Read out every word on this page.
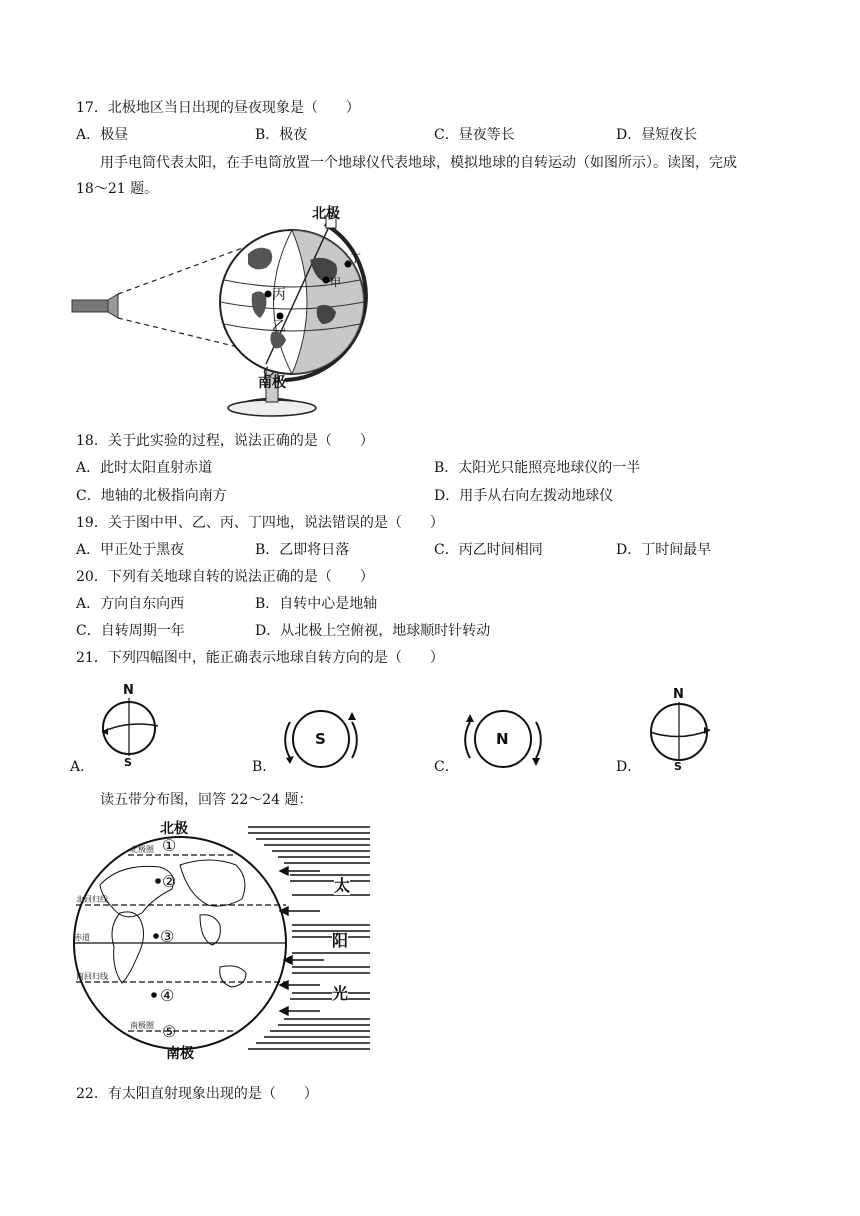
17．北极地区当日出现的昼夜现象是（　　）
A．极昼	B．极夜	C．昼夜等长	D．昼短夜长
用手电筒代表太阳，在手电筒放置一个地球仪代表地球，模拟地球的自转运动（如图所示）。读图，完成
18～21 题。
北极
南极
丙
乙
甲
丁
18．关于此实验的过程，说法正确的是（　　）
A．此时太阳直射赤道	B．太阳光只能照亮地球仪的一半
C．地轴的北极指向南方	D．用手从右向左拨动地球仪
19．关于图中甲、乙、丙、丁四地，说法错误的是（　　）
A．甲正处于黑夜	B．乙即将日落	C．丙乙时间相同	D．丁时间最早
20．下列有关地球自转的说法正确的是（　　）
A．方向自东向西	B．自转中心是地轴
C．自转周期一年	D．从北极上空俯视，地球顺时针转动
21．下列四幅图中，能正确表示地球自转方向的是（　　）
A．	B．	C．	D．
N
S
S	N
N
S
读五带分布图，回答 22～24 题：
北极
南极
北极圈
北回归线
赤道
南回归线
南极圈
①
②
③
④
⑤
太
阳
光
22．有太阳直射现象出现的是（　　）
